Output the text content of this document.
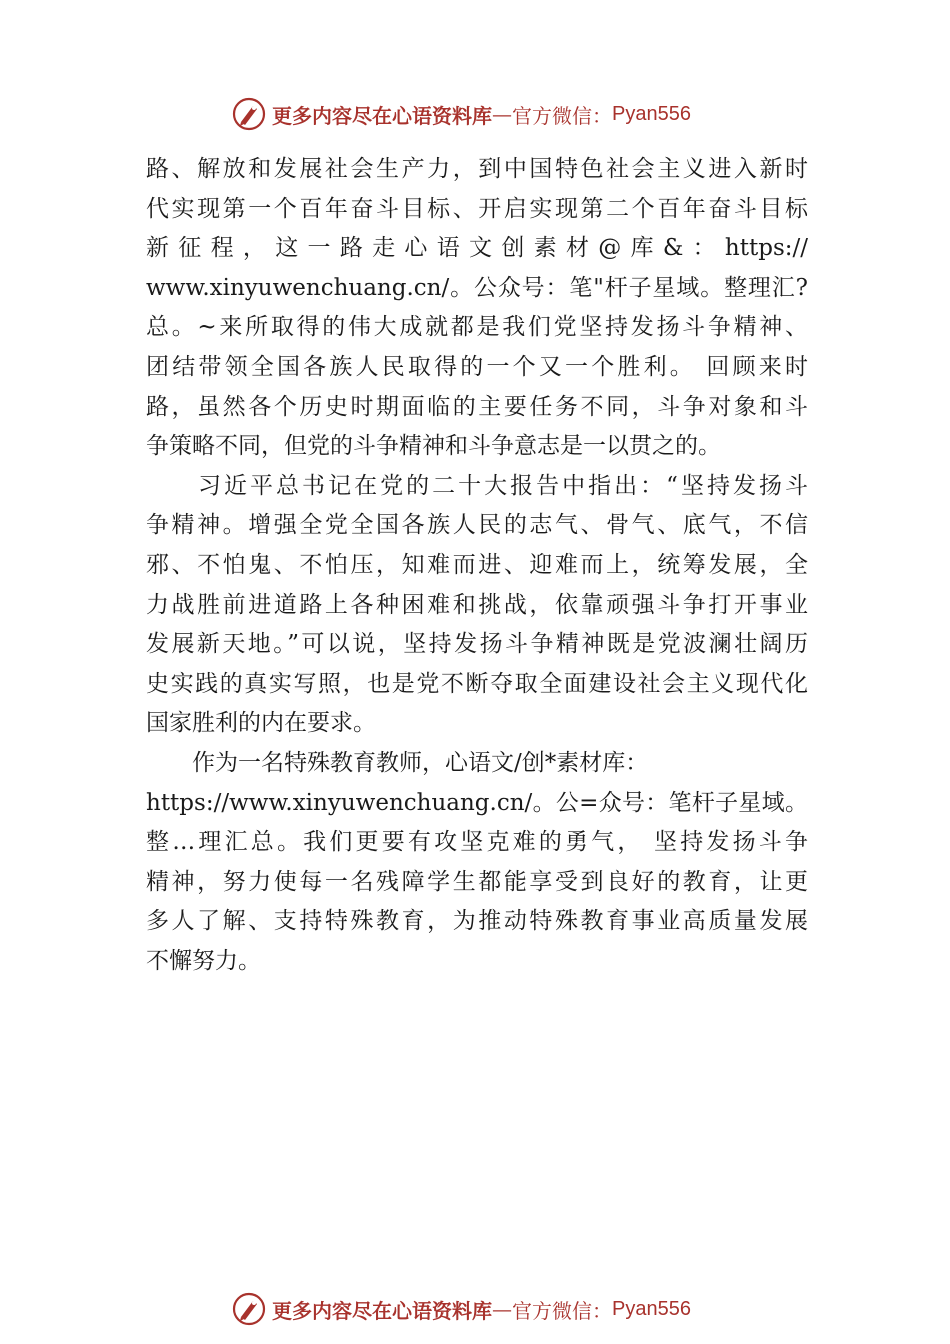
更多内容尽在心语资料库 — 官方微信： Pyan556
路、解放和发展社会生产力，到中国特色社会主义进入新时
代实现第一个百年奋斗目标、开启实现第二个百年奋斗目标
新征程，这一路走心语文创素材@库&：https://
www.xinyuwenchuang.cn/。公众号：笔"杆子星域。整理汇?
总。~来所取得的伟大成就都是我们党坚持发扬斗争精神、
团结带领全国各族人民取得的一个又一个胜利。 回顾来时
路，虽然各个历史时期面临的主要任务不同，斗争对象和斗
争策略不同，但党的斗争精神和斗争意志是一以贯之的。
　　习近平总书记在党的二十大报告中指出：“坚持发扬斗
争精神。增强全党全国各族人民的志气、骨气、底气，不信
邪、不怕鬼、不怕压，知难而进、迎难而上，统筹发展，全
力战胜前进道路上各种困难和挑战，依靠顽强斗争打开事业
发展新天地。”可以说，坚持发扬斗争精神既是党波澜壮阔历
史实践的真实写照，也是党不断夺取全面建设社会主义现代化
国家胜利的内在要求。
　　作为一名特殊教育教师，心语文/创*素材库：
https://www.xinyuwenchuang.cn/。公=众号：笔杆子星域。
整…理汇总。我们更要有攻坚克难的勇气， 坚持发扬斗争
精神，努力使每一名残障学生都能享受到良好的教育，让更
多人了解、支持特殊教育，为推动特殊教育事业高质量发展
不懈努力。
更多内容尽在心语资料库 — 官方微信： Pyan556
